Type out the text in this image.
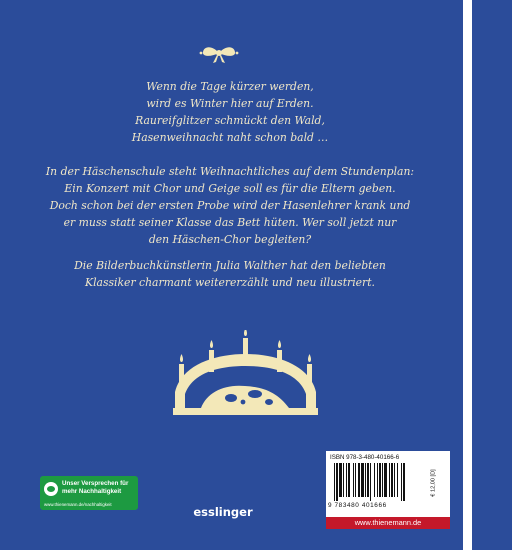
Wenn die Tage kürzer werden,

wird es Winter hier auf Erden.

Raureifglitzer schmückt den Wald,

Hasenweihnacht naht schon bald …

In der Häschenschule steht Weihnachtliches auf dem Stundenplan:

Ein Konzert mit Chor und Geige soll es für die Eltern geben.

Doch schon bei der ersten Probe wird der Hasenlehrer krank und

er muss statt seiner Klasse das Bett hüten. Wer soll jetzt nur

den Häschen-Chor begleiten?

Die Bilderbuchkünstlerin Julia Walther hat den beliebten

Klassiker charmant weitererzählt und neu illustriert.

Unser Versprechen für mehr Nachhaltigkeit
www.thienemann.de/nachhaltigkeit
esslinger
ISBN 978-3-480-40166-6
9 783480 401666
€ 12,00 [D]
www.thienemann.de
